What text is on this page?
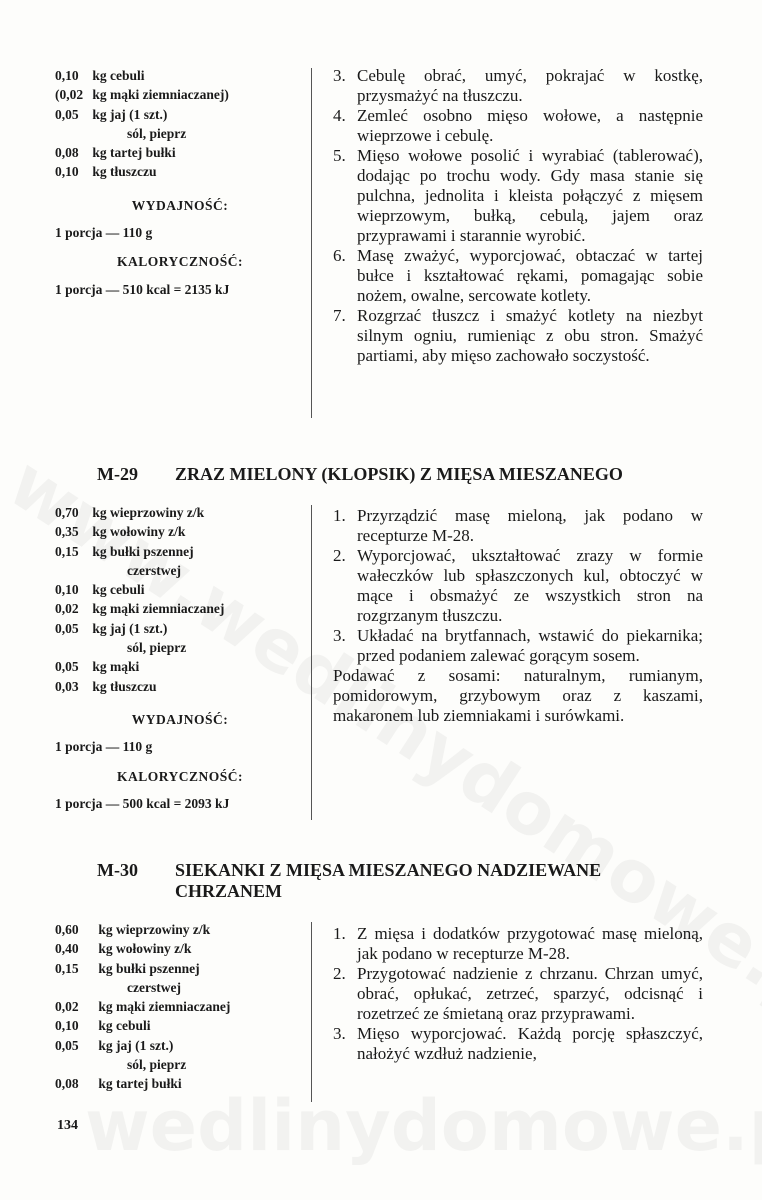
0,10 kg cebuli
(0,02 kg mąki ziemniaczanej)
0,05 kg jaj (1 szt.)
sól, pieprz
0,08 kg tartej bułki
0,10 kg tłuszczu
WYDAJNOŚĆ:
1 porcja — 110 g
KALORYCZNOŚĆ:
1 porcja — 510 kcal = 2135 kJ
3. Cebulę obrać, umyć, pokrajać w kostkę, przysmażyć na tłuszczu.
4. Zemleć osobno mięso wołowe, a następnie wieprzowe i cebulę.
5. Mięso wołowe posolić i wyrabiać (tablerować), dodając po trochu wody. Gdy masa stanie się pulchna, jednolita i kleista połączyć z mięsem wieprzowym, bułką, cebulą, jajem oraz przyprawami i starannie wyrobić.
6. Masę zważyć, wyporcjować, obtaczać w tartej bułce i kształtować rękami, pomagając sobie nożem, owalne, sercowate kotlety.
7. Rozgrzać tłuszcz i smażyć kotlety na niezbyt silnym ogniu, rumieniąc z obu stron. Smażyć partiami, aby mięso zachowało soczystość.
M-29	ZRAZ MIELONY (KLOPSIK) Z MIĘSA MIESZANEGO
0,70 kg wieprzowiny z/k
0,35 kg wołowiny z/k
0,15 kg bułki pszennej
czerstwej
0,10 kg cebuli
0,02 kg mąki ziemniaczanej
0,05 kg jaj (1 szt.)
sól, pieprz
0,05 kg mąki
0,03 kg tłuszczu
WYDAJNOŚĆ:
1 porcja — 110 g
KALORYCZNOŚĆ:
1 porcja — 500 kcal = 2093 kJ
1. Przyrządzić masę mieloną, jak podano w recepturze M-28.
2. Wyporcjować, ukształtować zrazy w formie wałeczków lub spłaszczonych kul, obtoczyć w mące i obsmażyć ze wszystkich stron na rozgrzanym tłuszczu.
3. Układać na brytfannach, wstawić do piekarnika; przed podaniem zalewać gorącym sosem.
Podawać z sosami: naturalnym, rumianym, pomidorowym, grzybowym oraz z kaszami, makaronem lub ziemniakami i surówkami.
M-30	SIEKANKI Z MIĘSA MIESZANEGO NADZIEWANE
CHRZANEM
0,60 kg wieprzowiny z/k
0,40 kg wołowiny z/k
0,15 kg bułki pszennej
czerstwej
0,02 kg mąki ziemniaczanej
0,10 kg cebuli
0,05 kg jaj (1 szt.)
sól, pieprz
0,08 kg tartej bułki
1. Z mięsa i dodatków przygotować masę mieloną, jak podano w recepturze M-28.
2. Przygotować nadzienie z chrzanu. Chrzan umyć, obrać, opłukać, zetrzeć, sparzyć, odcisnąć i rozetrzeć ze śmietaną oraz przyprawami.
3. Mięso wyporcjować. Każdą porcję spłaszczyć, nałożyć wzdłuż nadzienie,
134
